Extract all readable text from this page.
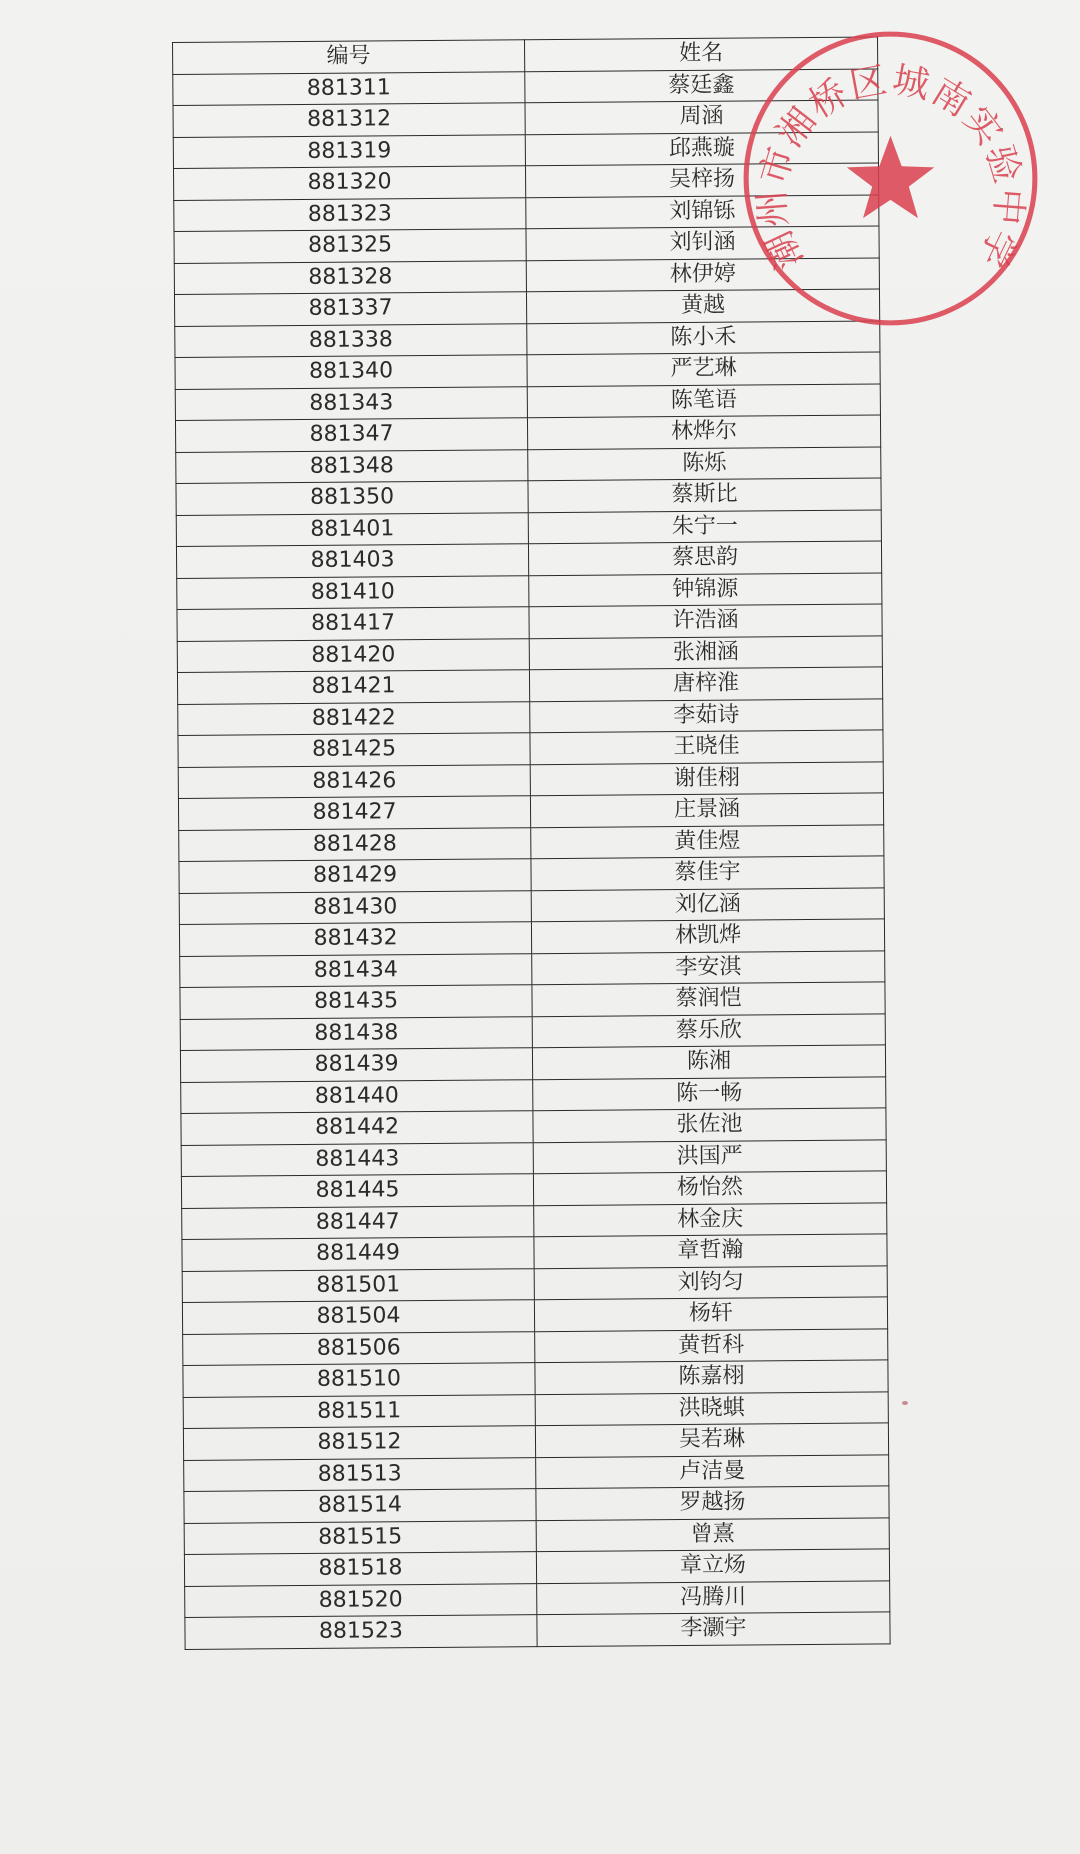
编号	姓名
881311	蔡廷鑫
881312	周涵
881319	邱燕璇
881320	吴梓扬
881323	刘锦铄
881325	刘钊涵
881328	林伊婷
881337	黄越
881338	陈小禾
881340	严艺琳
881343	陈笔语
881347	林烨尔
881348	陈烁
881350	蔡斯比
881401	朱宁一
881403	蔡思韵
881410	钟锦源
881417	许浩涵
881420	张湘涵
881421	唐梓淮
881422	李茹诗
881425	王晓佳
881426	谢佳栩
881427	庄景涵
881428	黄佳煜
881429	蔡佳宇
881430	刘亿涵
881432	林凯烨
881434	李安淇
881435	蔡润恺
881438	蔡乐欣
881439	陈湘
881440	陈一畅
881442	张佐池
881443	洪国严
881445	杨怡然
881447	林金庆
881449	章哲瀚
881501	刘钧匀
881504	杨轩
881506	黄哲科
881510	陈嘉栩
881511	洪晓蜞
881512	吴若琳
881513	卢洁曼
881514	罗越扬
881515	曾熹
881518	章立炀
881520	冯腾川
881523	李灏宇
潮州市湘桥区城南实验中学
